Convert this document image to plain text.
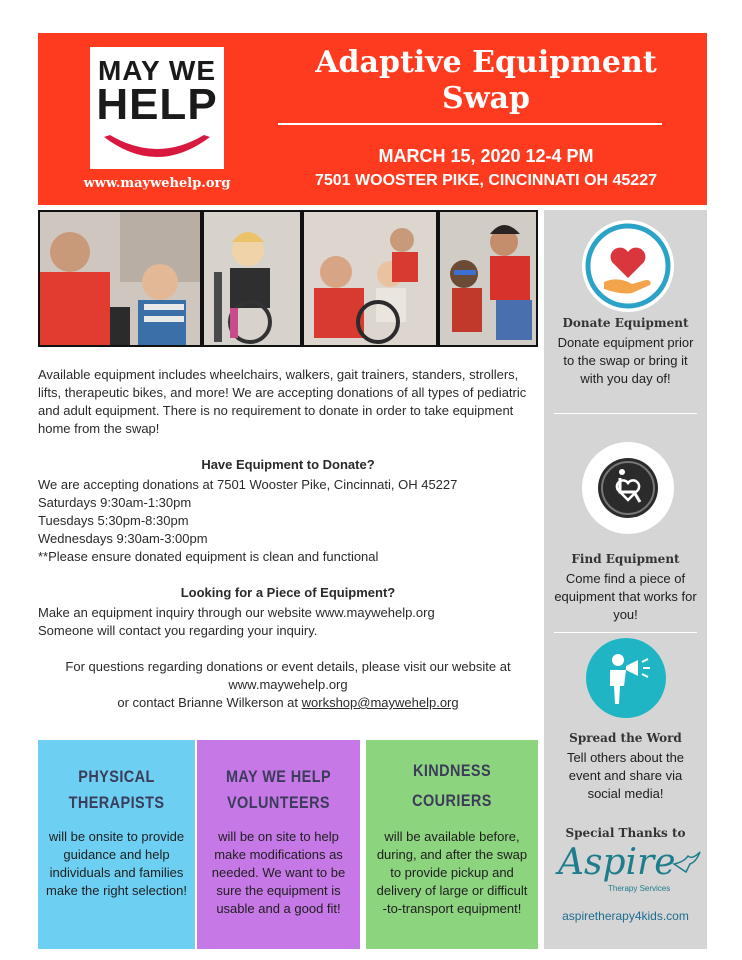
MAY WE
HELP
www.maywehelp.org
Adaptive Equipment
Swap
MARCH 15, 2020 12-4 PM
7501 WOOSTER PIKE, CINCINNATI OH 45227

Available equipment includes wheelchairs, walkers, gait trainers, standers, strollers, lifts, therapeutic bikes, and more! We are accepting donations of all types of pediatric and adult equipment. There is no requirement to donate in order to take equipment home from the swap!

Have Equipment to Donate?
We are accepting donations at 7501 Wooster Pike, Cincinnati, OH 45227
Saturdays 9:30am-1:30pm
Tuesdays 5:30pm-8:30pm
Wednesdays 9:30am-3:00pm
**Please ensure donated equipment is clean and functional
Looking for a Piece of Equipment?
Make an equipment inquiry through our website www.maywehelp.org
Someone will contact you regarding your inquiry.
For questions regarding donations or event details, please visit our website at
www.maywehelp.org
or contact Brianne Wilkerson at workshop@maywehelp.org
PHYSICAL
THERAPISTS
will be onsite to provide guidance and help individuals and families make the right selection!
MAY WE HELP
VOLUNTEERS
will be on site to help make modifications as needed. We want to be sure the equipment is usable and a good fit!
KINDNESS
COURIERS
will be available before, during, and after the swap to provide pickup and delivery of large or difficult -to-transport equipment!
Donate Equipment
Donate equipment prior to the swap or bring it with you day of!
Find Equipment
Come find a piece of equipment that works for you!
Spread the Word
Tell others about the event and share via social media!
Special Thanks to
Aspire
Therapy Services
aspiretherapy4kids.com
